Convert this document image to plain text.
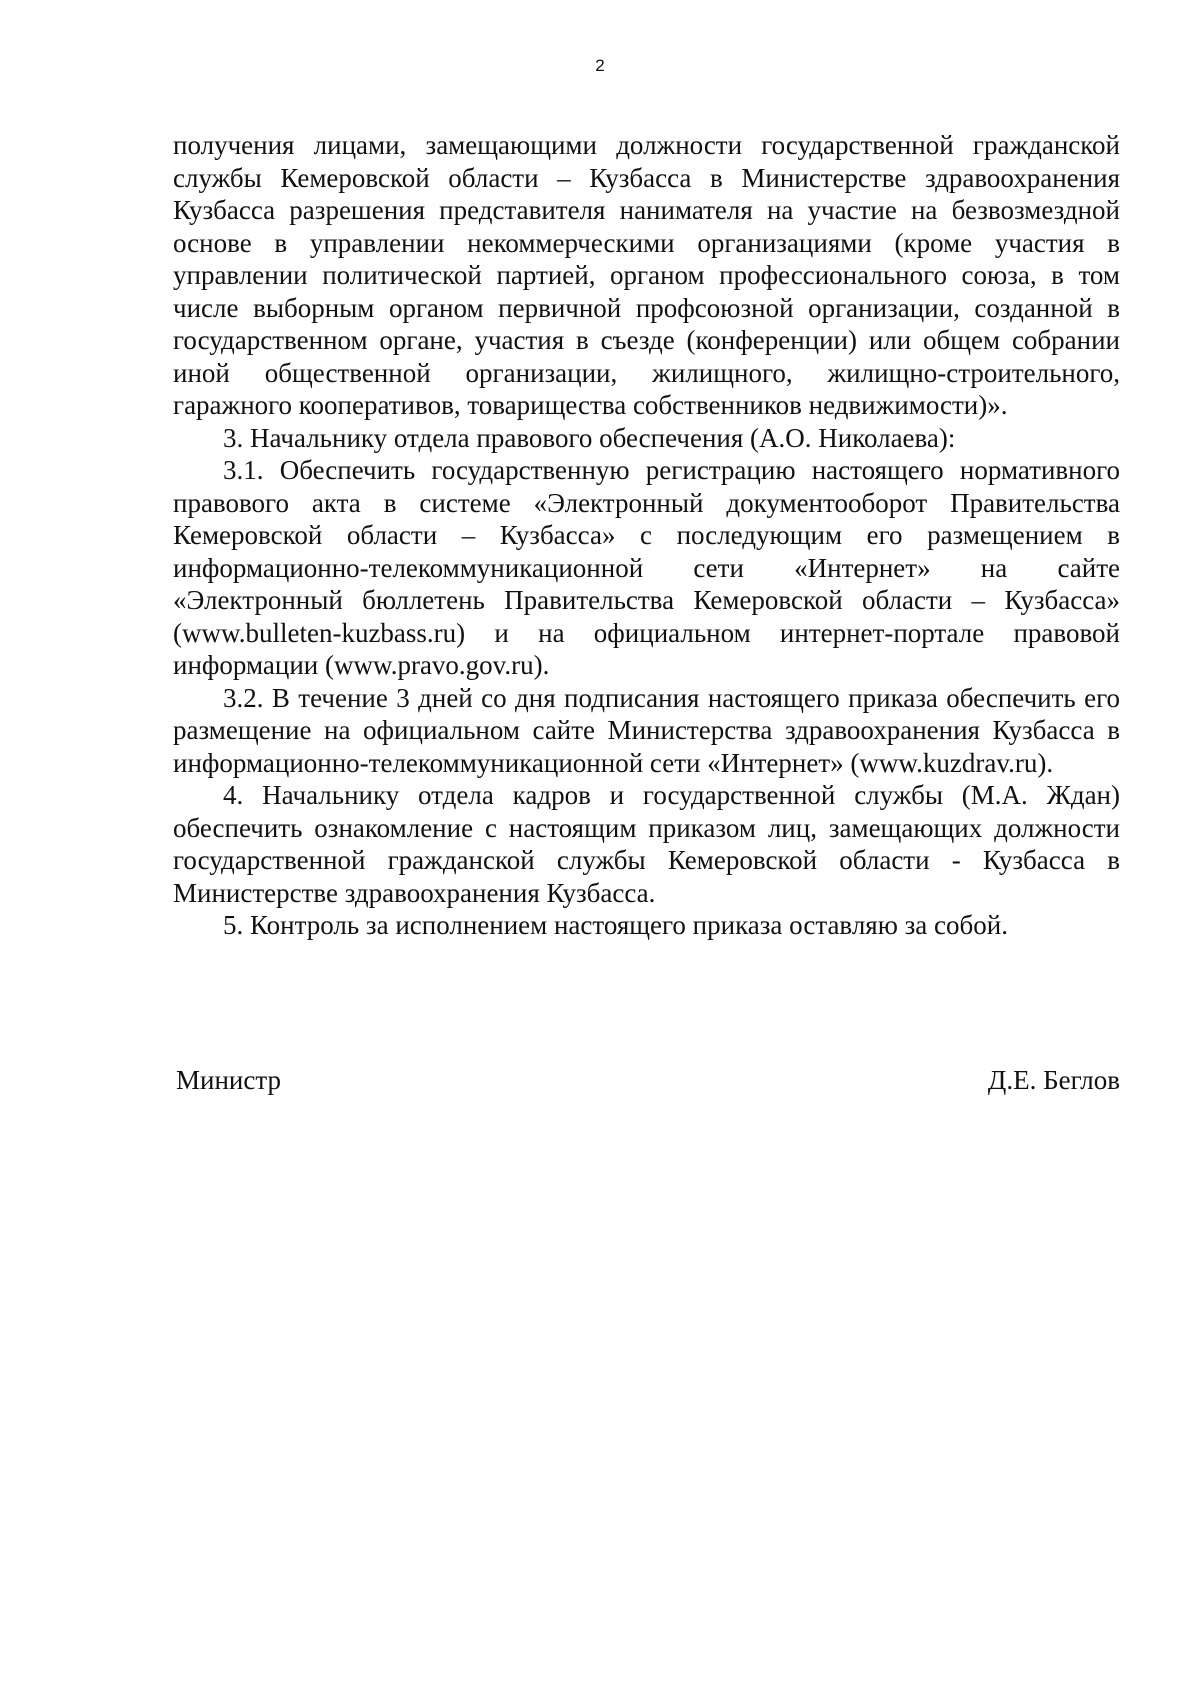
2

получения лицами, замещающими должности государственной гражданской службы Кемеровской области – Кузбасса в Министерстве здравоохранения Кузбасса разрешения представителя нанимателя на участие на безвозмездной основе в управлении некоммерческими организациями (кроме участия в управлении политической партией, органом профессионального союза, в том числе выборным органом первичной профсоюзной организации, созданной в государственном органе, участия в съезде (конференции) или общем собрании иной общественной организации, жилищного, жилищно-строительного, гаражного кооперативов, товарищества собственников недвижимости)».

3. Начальнику отдела правового обеспечения (А.О. Николаева):

3.1. Обеспечить государственную регистрацию настоящего нормативного правового акта в системе «Электронный документооборот Правительства Кемеровской области – Кузбасса» с последующим его размещением в информационно-телекоммуникационной сети «Интернет» на сайте «Электронный бюллетень Правительства Кемеровской области – Кузбасса» (www.bulleten-kuzbass.ru) и на официальном интернет-портале правовой информации (www.pravo.gov.ru).

3.2. В течение 3 дней со дня подписания настоящего приказа обеспечить его размещение на официальном сайте Министерства здравоохранения Кузбасса в информационно-телекоммуникационной сети «Интернет» (www.kuzdrav.ru).

4. Начальнику отдела кадров и государственной службы (М.А. Ждан) обеспечить ознакомление с настоящим приказом лиц, замещающих должности государственной гражданской службы Кемеровской области - Кузбасса в Министерстве здравоохранения Кузбасса.

5. Контроль за исполнением настоящего приказа оставляю за собой.

Министр	Д.Е. Беглов
